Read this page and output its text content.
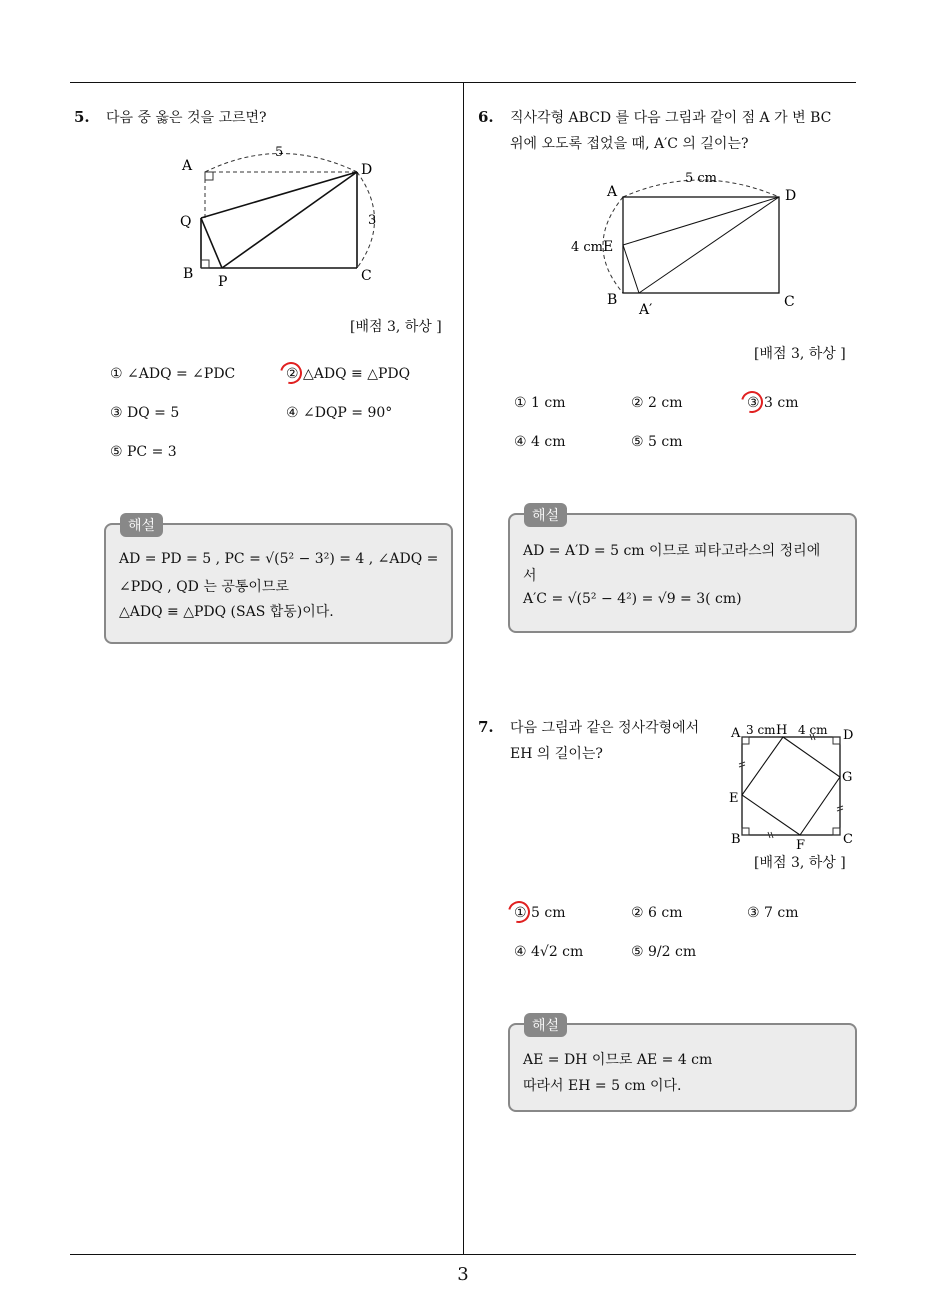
5. 다음 중 옳은 것을 고르면?
A
5
D
Q	3
B P	C
[배점 3, 하상 ]
① ∠ADQ = ∠PDC	② △ADQ ≡ △PDQ
③ DQ = 5	④ ∠DQP = 90°
⑤ PC = 3
해설
AD = PD = 5 , PC = √(5² − 3²) = 4 , ∠ADQ =
∠PDQ , QD 는 공통이므로
△ADQ ≡ △PDQ (SAS 합동)이다.
6. 직사각형 ABCD 를 다음 그림과 같이 점 A 가 변 BC
위에 오도록 접었을 때, A′C 의 길이는?
A
5 cm
D
4 cm E
B
A′	C
[배점 3, 하상 ]
① 1 cm	② 2 cm	③ 3 cm
④ 4 cm	⑤ 5 cm
해설
AD = A′D = 5 cm 이므로 피타고라스의 정리에
서
A′C = √(5² − 4²) = √9 = 3( cm)
7. 다음 그림과 같은 정사각형에서
EH 의 길이는?
A 3 cm H 4 cm D
G
E
B	F	C
[배점 3, 하상 ]
① 5 cm	② 6 cm	③ 7 cm
④ 4√2 cm	⑤ 9/2 cm
해설
AE = DH 이므로 AE = 4 cm
따라서 EH = 5 cm 이다.
3
